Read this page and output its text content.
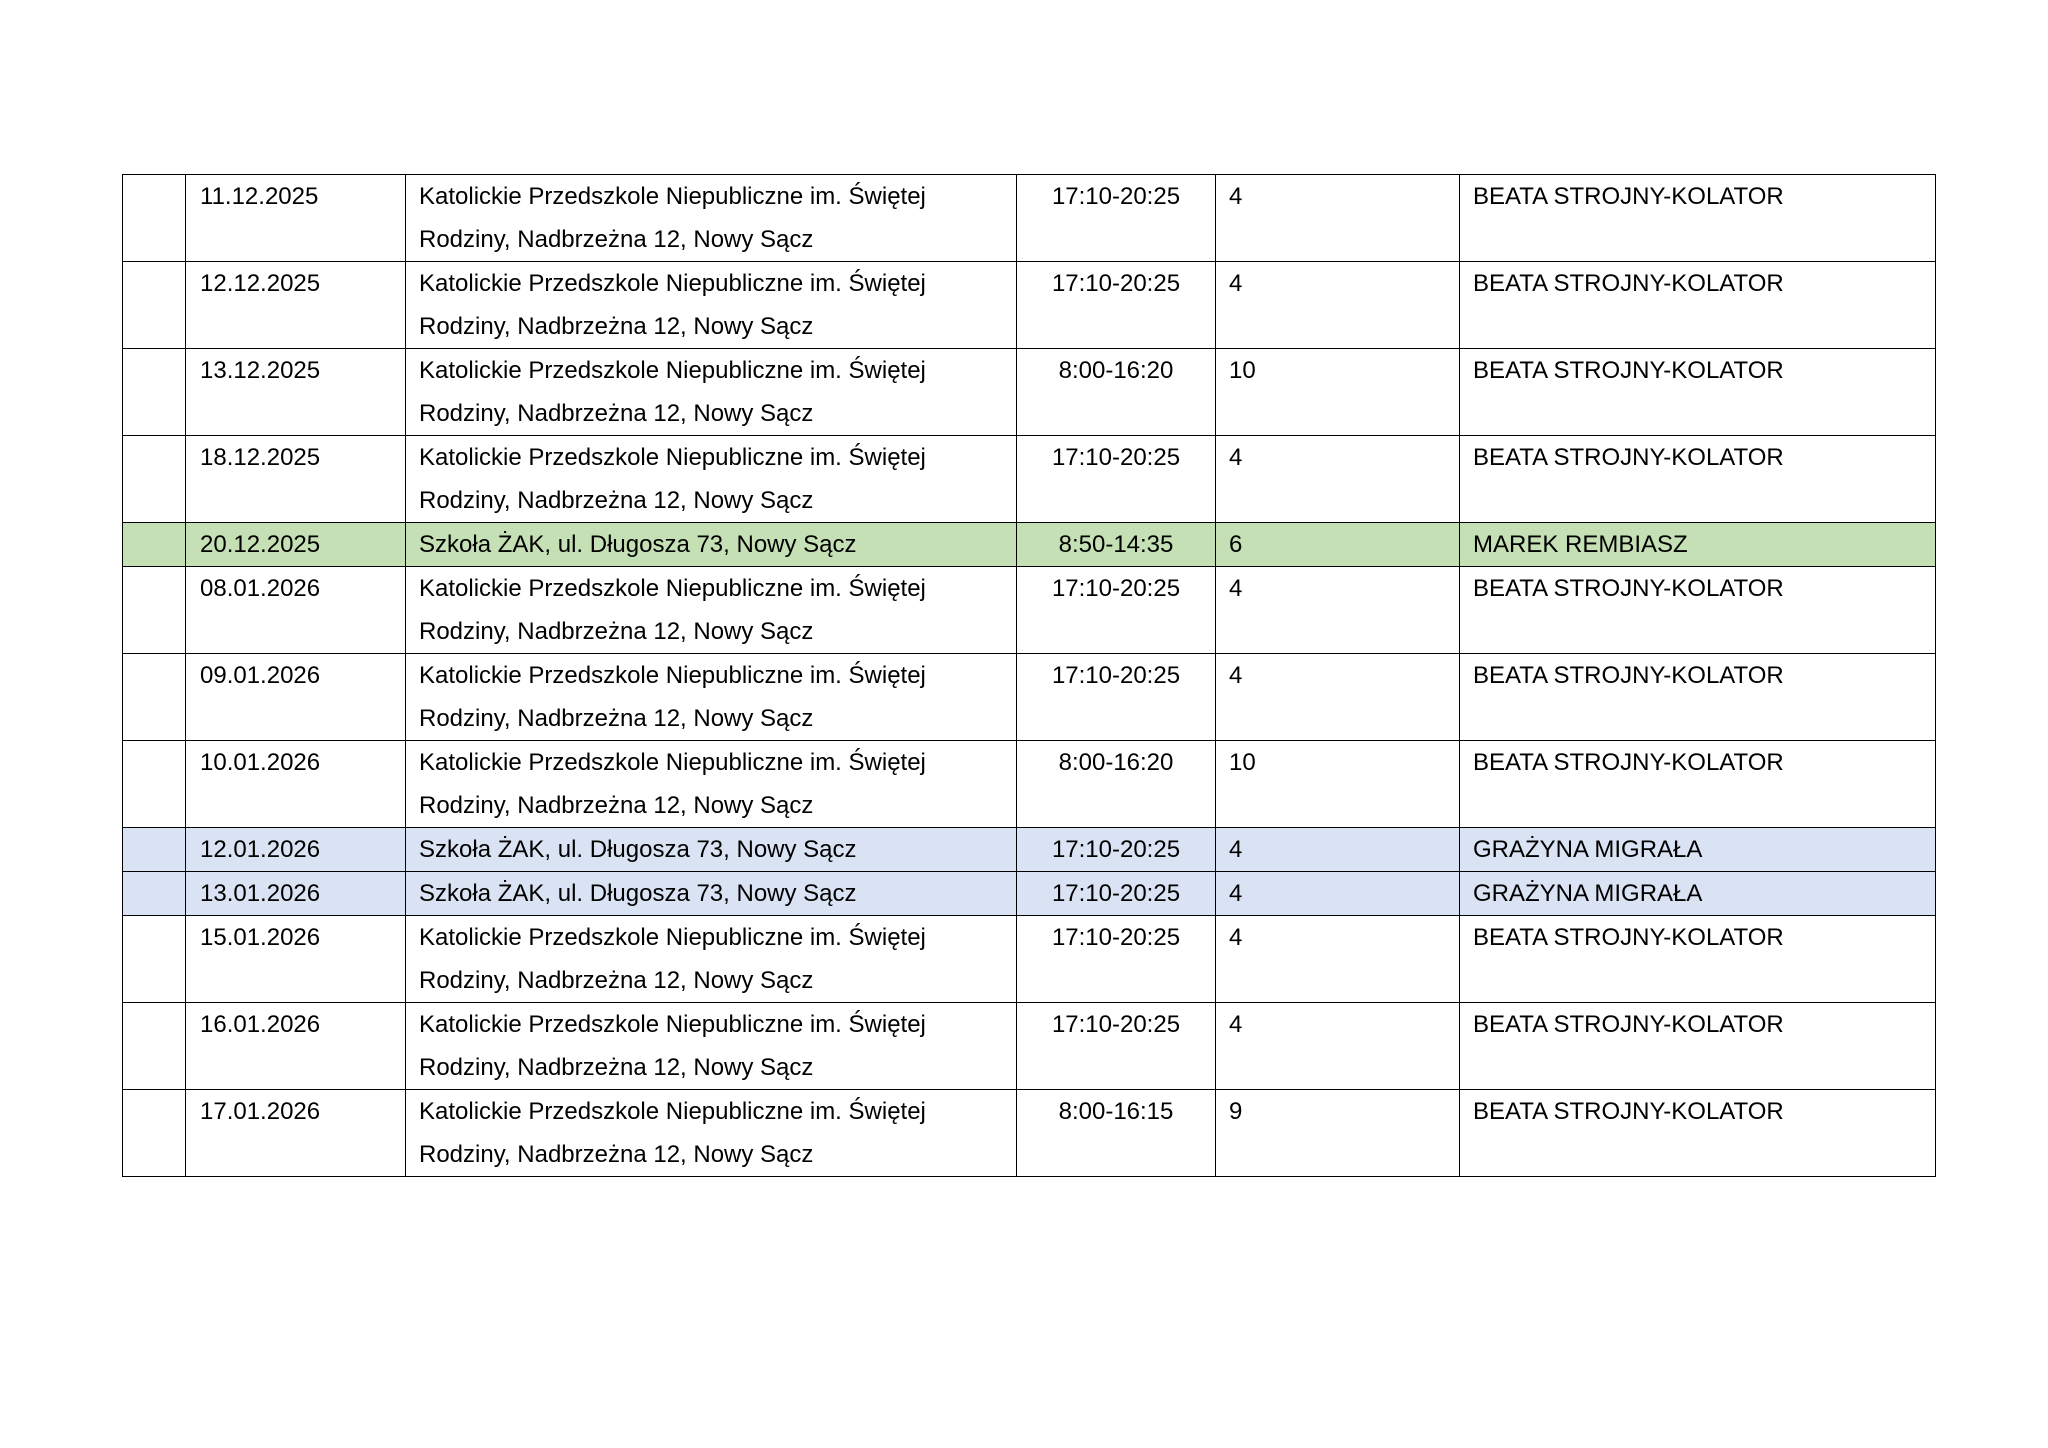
	11.12.2025	Katolickie Przedszkole Niepubliczne im. Świętej
Rodziny, Nadbrzeżna 12, Nowy Sącz	17:10-20:25	4	BEATA STROJNY-KOLATOR
	12.12.2025	Katolickie Przedszkole Niepubliczne im. Świętej
Rodziny, Nadbrzeżna 12, Nowy Sącz	17:10-20:25	4	BEATA STROJNY-KOLATOR
	13.12.2025	Katolickie Przedszkole Niepubliczne im. Świętej
Rodziny, Nadbrzeżna 12, Nowy Sącz	8:00-16:20	10	BEATA STROJNY-KOLATOR
	18.12.2025	Katolickie Przedszkole Niepubliczne im. Świętej
Rodziny, Nadbrzeżna 12, Nowy Sącz	17:10-20:25	4	BEATA STROJNY-KOLATOR
	20.12.2025	Szkoła ŻAK, ul. Długosza 73, Nowy Sącz	8:50-14:35	6	MAREK REMBIASZ
	08.01.2026	Katolickie Przedszkole Niepubliczne im. Świętej
Rodziny, Nadbrzeżna 12, Nowy Sącz	17:10-20:25	4	BEATA STROJNY-KOLATOR
	09.01.2026	Katolickie Przedszkole Niepubliczne im. Świętej
Rodziny, Nadbrzeżna 12, Nowy Sącz	17:10-20:25	4	BEATA STROJNY-KOLATOR
	10.01.2026	Katolickie Przedszkole Niepubliczne im. Świętej
Rodziny, Nadbrzeżna 12, Nowy Sącz	8:00-16:20	10	BEATA STROJNY-KOLATOR
	12.01.2026	Szkoła ŻAK, ul. Długosza 73, Nowy Sącz	17:10-20:25	4	GRAŻYNA MIGRAŁA
	13.01.2026	Szkoła ŻAK, ul. Długosza 73, Nowy Sącz	17:10-20:25	4	GRAŻYNA MIGRAŁA
	15.01.2026	Katolickie Przedszkole Niepubliczne im. Świętej
Rodziny, Nadbrzeżna 12, Nowy Sącz	17:10-20:25	4	BEATA STROJNY-KOLATOR
	16.01.2026	Katolickie Przedszkole Niepubliczne im. Świętej
Rodziny, Nadbrzeżna 12, Nowy Sącz	17:10-20:25	4	BEATA STROJNY-KOLATOR
	17.01.2026	Katolickie Przedszkole Niepubliczne im. Świętej
Rodziny, Nadbrzeżna 12, Nowy Sącz	8:00-16:15	9	BEATA STROJNY-KOLATOR
